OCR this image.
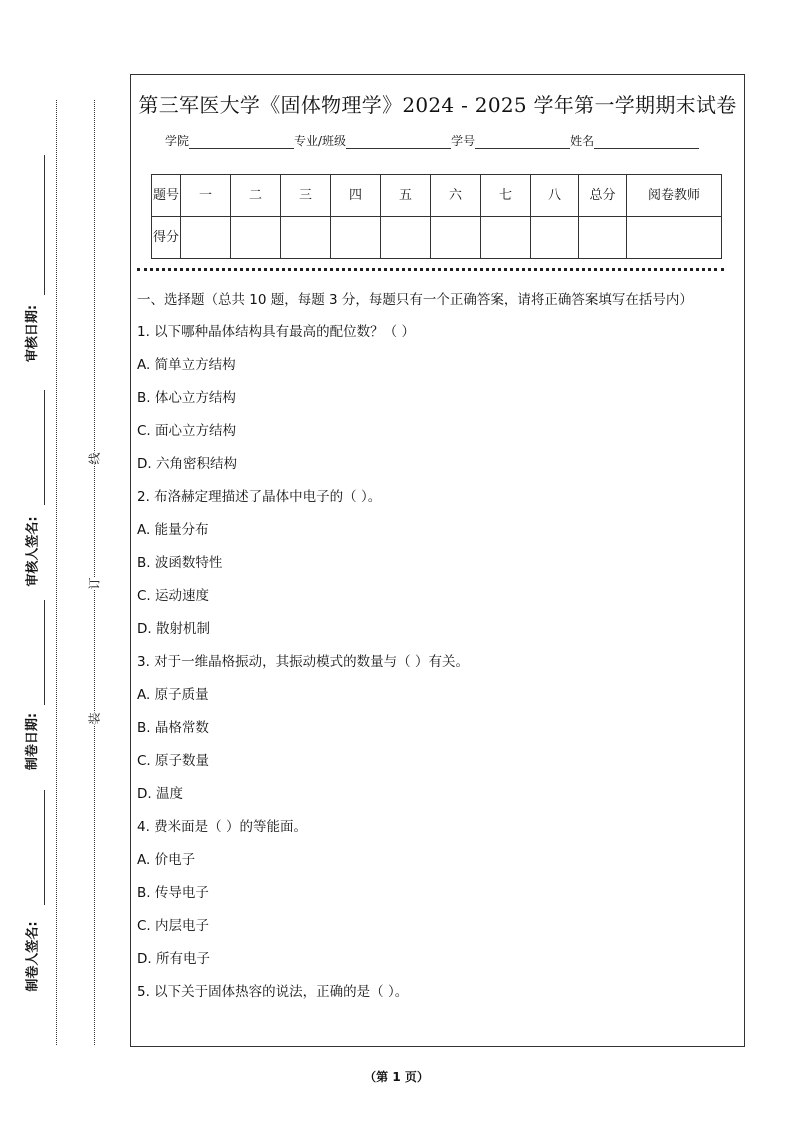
审核日期:
审核人签名:
制卷日期:
制卷人签名:
线
订
装
第三军医大学《固体物理学》2024 - 2025 学年第一学期期末试卷
学院	专业/班级	学号	姓名
题号	一	二	三	四	五	六	七	八	总分	阅卷教师
得分										
一、选择题（总共 10 题，每题 3 分，每题只有一个正确答案，请将正确答案填写在括号内）
1. 以下哪种晶体结构具有最高的配位数？（ ）
A. 简单立方结构
B. 体心立方结构
C. 面心立方结构
D. 六角密积结构
2. 布洛赫定理描述了晶体中电子的（ ）。
A. 能量分布
B. 波函数特性
C. 运动速度
D. 散射机制
3. 对于一维晶格振动，其振动模式的数量与（ ）有关。
A. 原子质量
B. 晶格常数
C. 原子数量
D. 温度
4. 费米面是（ ）的等能面。
A. 价电子
B. 传导电子
C. 内层电子
D. 所有电子
5. 以下关于固体热容的说法，正确的是（ ）。
（第 1 页）
